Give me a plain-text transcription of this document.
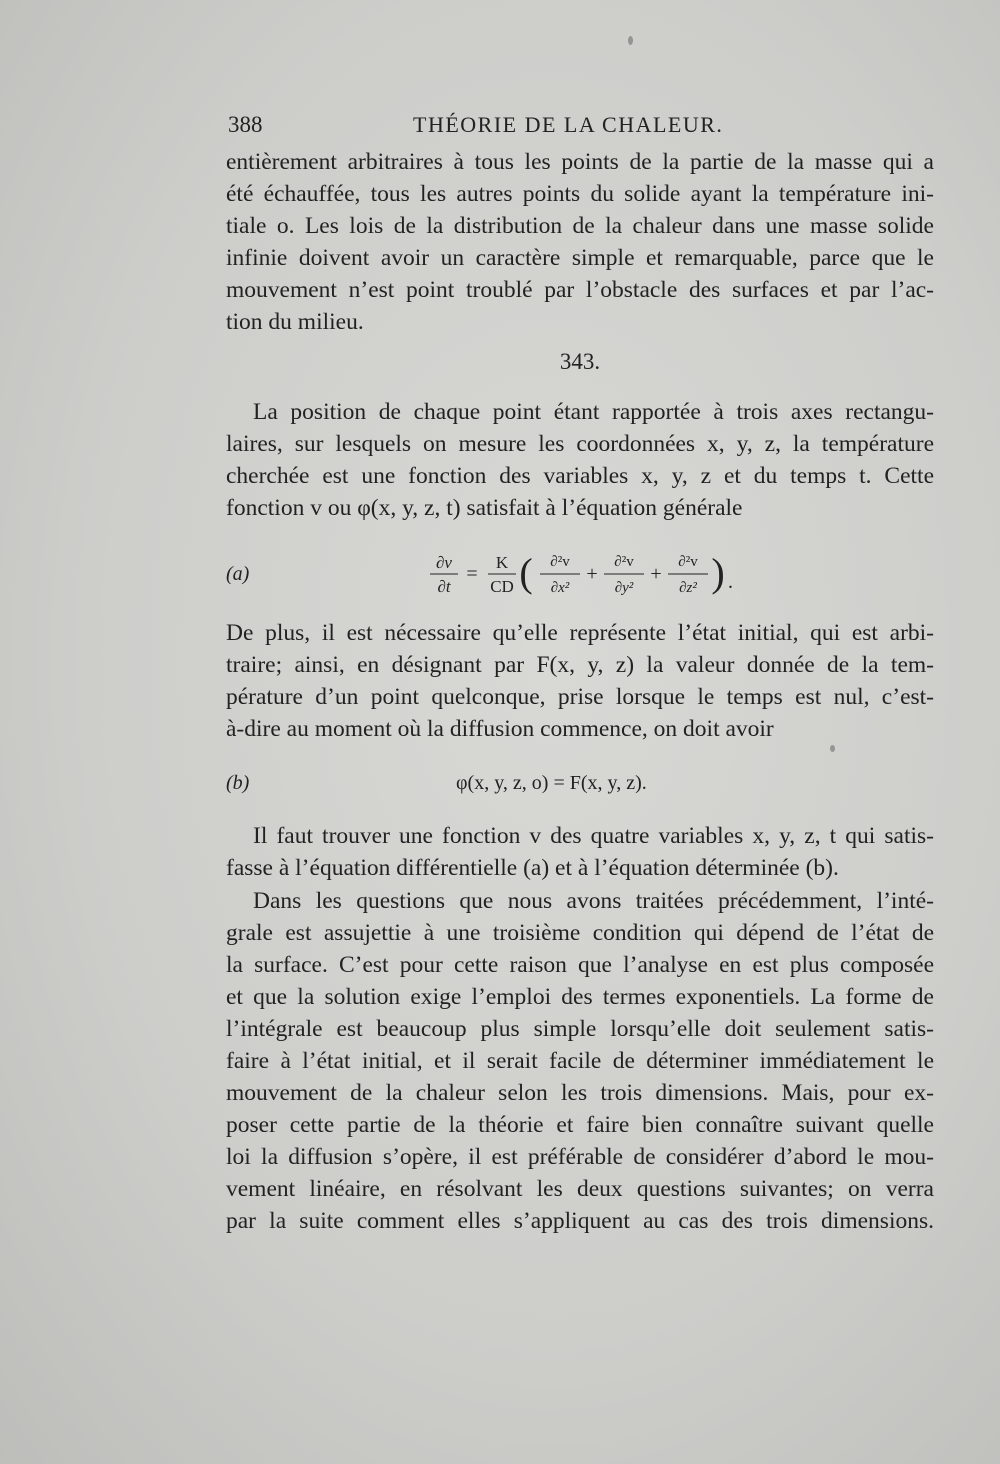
388	THÉORIE DE LA CHALEUR.
entièrement arbitraires à tous les points de la partie de la masse qui a
été échauffée, tous les autres points du solide ayant la température ini-
tiale o. Les lois de la distribution de la chaleur dans une masse solide
infinie doivent avoir un caractère simple et remarquable, parce que le
mouvement n’est point troublé par l’obstacle des surfaces et par l’ac-
tion du milieu.
343.
La position de chaque point étant rapportée à trois axes rectangu-
laires, sur lesquels on mesure les coordonnées x, y, z, la température
cherchée est une fonction des variables x, y, z et du temps t. Cette
fonction v ou φ(x, y, z, t) satisfait à l’équation générale
(a)
∂v
∂t
=
K
CD ( ∂²v
∂x²
+
∂²v
∂y²
+
∂²v
∂z² ) .
De plus, il est nécessaire qu’elle représente l’état initial, qui est arbi-
traire; ainsi, en désignant par F(x, y, z) la valeur donnée de la tem-
pérature d’un point quelconque, prise lorsque le temps est nul, c’est-
à-dire au moment où la diffusion commence, on doit avoir
(b)	φ(x, y, z, o) = F(x, y, z).
Il faut trouver une fonction v des quatre variables x, y, z, t qui satis-
fasse à l’équation différentielle (a) et à l’équation déterminée (b).
Dans les questions que nous avons traitées précédemment, l’inté-
grale est assujettie à une troisième condition qui dépend de l’état de
la surface. C’est pour cette raison que l’analyse en est plus composée
et que la solution exige l’emploi des termes exponentiels. La forme de
l’intégrale est beaucoup plus simple lorsqu’elle doit seulement satis-
faire à l’état initial, et il serait facile de déterminer immédiatement le
mouvement de la chaleur selon les trois dimensions. Mais, pour ex-
poser cette partie de la théorie et faire bien connaître suivant quelle
loi la diffusion s’opère, il est préférable de considérer d’abord le mou-
vement linéaire, en résolvant les deux questions suivantes; on verra
par la suite comment elles s’appliquent au cas des trois dimensions.
